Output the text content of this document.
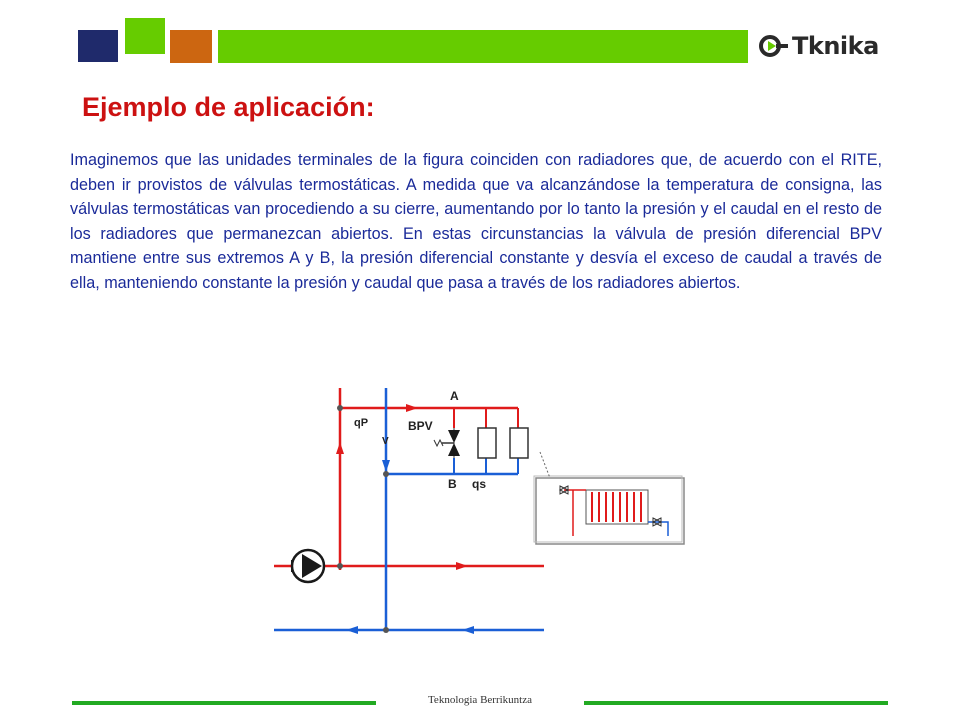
Tknika
Ejemplo de aplicación:

Imaginemos que las unidades terminales de la figura coinciden con radiadores que, de acuerdo con el RITE, deben ir provistos de válvulas termostáticas. A medida que va alcanzándose la temperatura de consigna, las válvulas termostáticas van procediendo a su cierre, aumentando por lo tanto la presión y el caudal en el resto de los radiadores que permanezcan abiertos. En estas circunstancias la válvula de presión diferencial BPV mantiene entre sus extremos A y B, la presión diferencial constante y desvía el exceso de caudal a través de ella, manteniendo constante la presión y caudal que pasa a través de los radiadores abiertos.

A
qP	BPV
V
B qs
Teknologia Berrikuntza
